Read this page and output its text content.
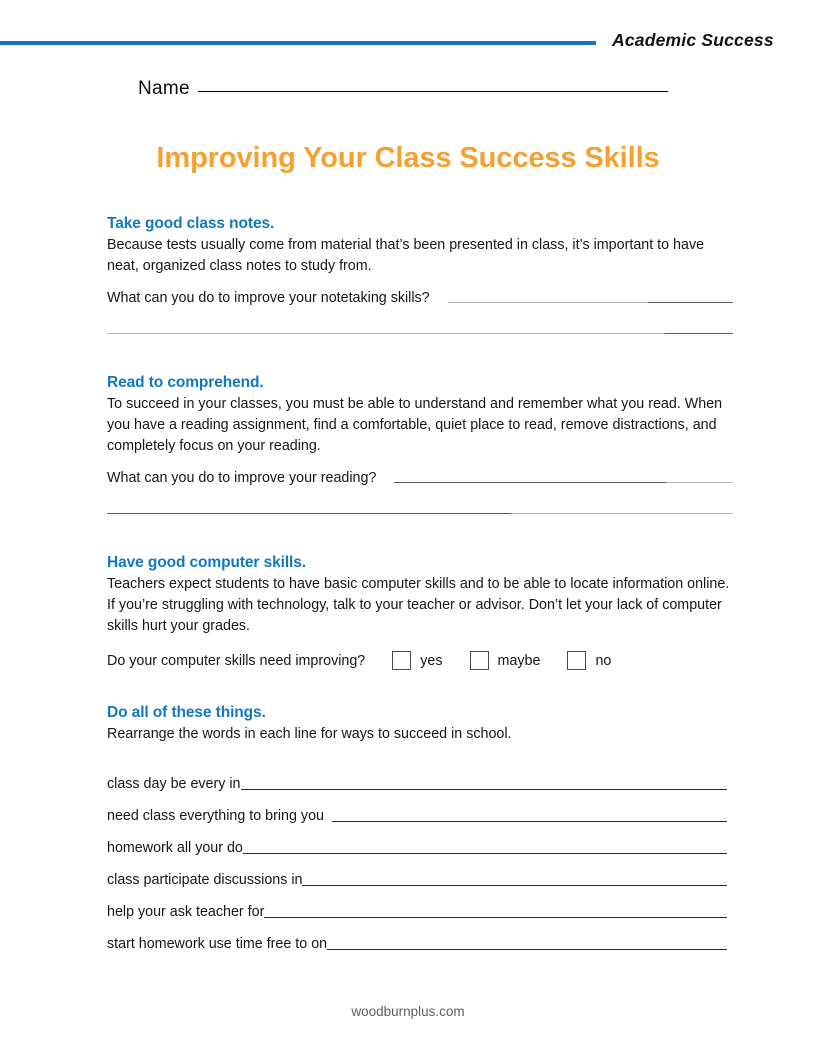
Academic Success
Name
Improving Your Class Success Skills

Take good class notes.

Because tests usually come from material that’s been presented in class, it’s important to have neat, organized class notes to study from.

What can you do to improve your notetaking skills?

Read to comprehend.

To succeed in your classes, you must be able to understand and remember what you read. When you have a reading assignment, find a comfortable, quiet place to read, remove distractions, and completely focus on your reading.

What can you do to improve your reading?

Have good computer skills.

Teachers expect students to have basic computer skills and to be able to locate information online. If you’re struggling with technology, talk to your teacher or advisor. Don’t let your lack of computer skills hurt your grades.

Do your computer skills need improving?	yes	maybe	no

Do all of these things.

Rearrange the words in each line for ways to succeed in school.

class day be every in
need class everything to bring you
homework all your do
class participate discussions in
help your ask teacher for
start homework use time free to on
woodburnplus.com
